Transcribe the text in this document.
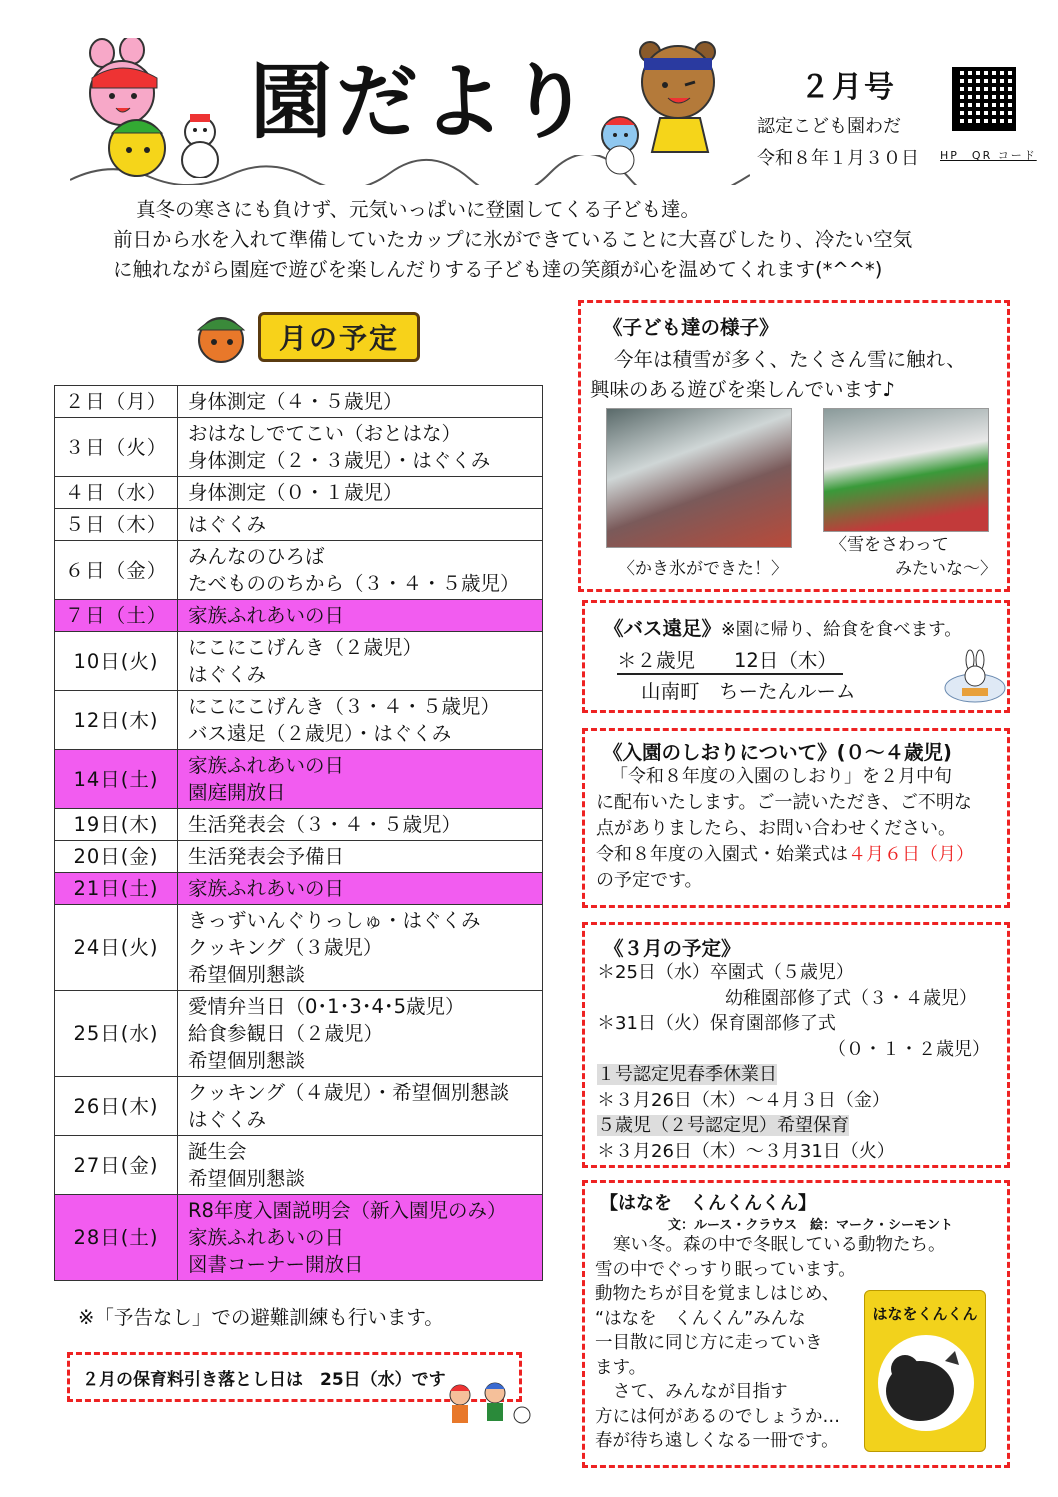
園だより	２月号
認定こども園わだ
令和８年１月３０日 HP　QR コード

真冬の寒さにも負けず、元気いっぱいに登園してくる子ども達。

前日から水を入れて準備していたカップに氷ができていることに大喜びしたり、冷たい空気

に触れながら園庭で遊びを楽しんだりする子ども達の笑顔が心を温めてくれます(*^^*)

月の予定
２日（月）	身体測定（４・５歳児）

３日（火）	おはなしでてこい（おとはな）
身体測定（２・３歳児）・はぐくみ

４日（水）	身体測定（０・１歳児）

５日（木）	はぐくみ

６日（金）	みんなのひろば
たべもののちから（３・４・５歳児）

７日（土）	家族ふれあいの日

10日(火)	にこにこげんき（２歳児）
はぐくみ

12日(木)	にこにこげんき（３・４・５歳児）
バス遠足（２歳児）・はぐくみ

14日(土)	家族ふれあいの日
園庭開放日

19日(木)	生活発表会（３・４・５歳児）

20日(金)	生活発表会予備日

21日(土)	家族ふれあいの日

24日(火)	きっずいんぐりっしゅ・はぐくみ
クッキング（３歳児）
希望個別懇談

25日(水)	愛情弁当日（0･1･3･4･5歳児）
給食参観日（２歳児）
希望個別懇談

26日(木)	クッキング（４歳児）・希望個別懇談
はぐくみ

27日(金)	誕生会
希望個別懇談

28日(土)	R8年度入園説明会（新入園児のみ）
家族ふれあいの日
図書コーナー開放日
※「予告なし」での避難訓練も行います。
２月の保育料引き落とし日は　25日（水）です
《子ども達の様子》
今年は積雪が多く、たくさん雪に触れ、
興味のある遊びを楽しんでいます♪
〈かき氷ができた！〉
〈雪をさわって
みたいな～〉
《バス遠足》※園に帰り、給食を食べます。
＊２歳児　　12日（木）
山南町　ちーたんルーム
《入園のしおりについて》(０～４歳児)
「令和８年度の入園のしおり」を２月中旬
に配布いたします。ご一読いただき、ご不明な
点がありましたら、お問い合わせください。
令和８年度の入園式・始業式は４月６日（月）
の予定です。
《３月の予定》
＊25日（水）卒園式（５歳児）
幼稚園部修了式（３・４歳児）
＊31日（火）保育園部修了式
（０・１・２歳児）
１号認定児春季休業日
＊３月26日（木）～４月３日（金）
５歳児（２号認定児）希望保育
＊３月26日（木）～３月31日（火）
【はなを　くんくんくん】
文：ルース・クラウス　絵：マーク・シーモント
寒い冬。森の中で冬眠している動物たち。
雪の中でぐっすり眠っています。
動物たちが目を覚ましはじめ、
“はなを　くんくん”みんな
一目散に同じ方に走っていき
ます。
さて、みんなが目指す
方には何があるのでしょうか…
春が待ち遠しくなる一冊です。
はなをくんくん
